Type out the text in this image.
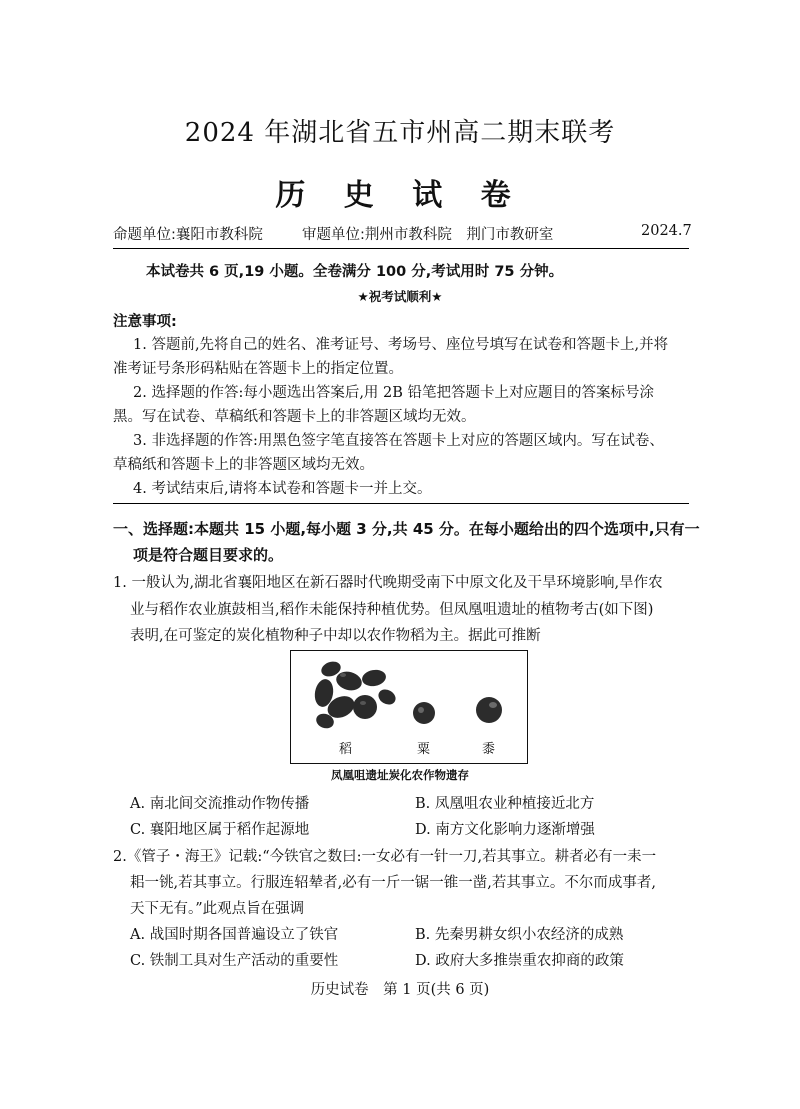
2024 年湖北省五市州高二期末联考
历 史 试 卷
命题单位:襄阳市教科院	审题单位:荆州市教科院　荆门市教研室	2024.7
本试卷共 6 页,19 小题。全卷满分 100 分,考试用时 75 分钟。
★祝考试顺利★
注意事项:
1. 答题前,先将自己的姓名、准考证号、考场号、座位号填写在试卷和答题卡上,并将
准考证号条形码粘贴在答题卡上的指定位置。
2. 选择题的作答:每小题选出答案后,用 2B 铅笔把答题卡上对应题目的答案标号涂
黑。写在试卷、草稿纸和答题卡上的非答题区域均无效。
3. 非选择题的作答:用黑色签字笔直接答在答题卡上对应的答题区域内。写在试卷、
草稿纸和答题卡上的非答题区域均无效。
4. 考试结束后,请将本试卷和答题卡一并上交。
一、选择题:本题共 15 小题,每小题 3 分,共 45 分。在每小题给出的四个选项中,只有一
项是符合题目要求的。
1. 一般认为,湖北省襄阳地区在新石器时代晚期受南下中原文化及干旱环境影响,旱作农
业与稻作农业旗鼓相当,稻作未能保持种植优势。但凤凰咀遗址的植物考古(如下图)
表明,在可鉴定的炭化植物种子中却以农作物稻为主。据此可推断
稻	粟	黍
凤凰咀遗址炭化农作物遗存
A. 南北间交流推动作物传播	B. 凤凰咀农业种植接近北方
C. 襄阳地区属于稻作起源地	D. 南方文化影响力逐渐增强
2.《管子・海王》记载:“今铁官之数曰:一女必有一针一刀,若其事立。耕者必有一耒一
耜一铫,若其事立。行服连轺辇者,必有一斤一锯一锥一凿,若其事立。不尔而成事者,
天下无有。”此观点旨在强调
A. 战国时期各国普遍设立了铁官	B. 先秦男耕女织小农经济的成熟
C. 铁制工具对生产活动的重要性	D. 政府大多推崇重农抑商的政策
历史试卷　第 1 页(共 6 页)
